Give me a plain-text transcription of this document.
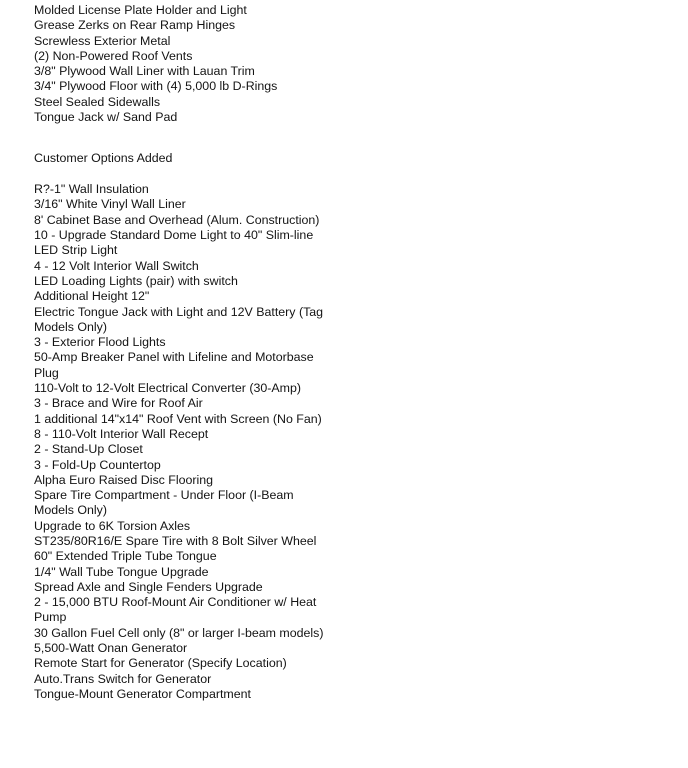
Molded License Plate Holder and Light
Grease Zerks on Rear Ramp Hinges
Screwless Exterior Metal
(2) Non-Powered Roof Vents
3/8" Plywood Wall Liner with Lauan Trim
3/4" Plywood Floor with (4) 5,000 lb D-Rings
Steel Sealed Sidewalls
Tongue Jack w/ Sand Pad
Customer Options Added
R?-1" Wall Insulation
3/16" White Vinyl Wall Liner
8' Cabinet Base and Overhead (Alum. Construction)
10 - Upgrade Standard Dome Light to 40" Slim-line LED Strip Light
4 - 12 Volt Interior Wall Switch
LED Loading Lights (pair) with switch
Additional Height 12"
Electric Tongue Jack with Light and 12V Battery (Tag Models Only)
3 - Exterior Flood Lights
50-Amp Breaker Panel with Lifeline and Motorbase Plug
110-Volt to 12-Volt Electrical Converter (30-Amp)
3 - Brace and Wire for Roof Air
1 additional 14"x14" Roof Vent with Screen (No Fan)
8 - 110-Volt Interior Wall Recept
2 - Stand-Up Closet
3 - Fold-Up Countertop
Alpha Euro Raised Disc Flooring
Spare Tire Compartment - Under Floor (I-Beam Models Only)
Upgrade to 6K Torsion Axles
ST235/80R16/E Spare Tire with 8 Bolt Silver Wheel
60" Extended Triple Tube Tongue
1/4" Wall Tube Tongue Upgrade
Spread Axle and Single Fenders Upgrade
2 - 15,000 BTU Roof-Mount Air Conditioner w/ Heat Pump
30 Gallon Fuel Cell only (8" or larger I-beam models)
5,500-Watt Onan Generator
Remote Start for Generator (Specify Location)
Auto.Trans Switch for Generator
Tongue-Mount Generator Compartment
